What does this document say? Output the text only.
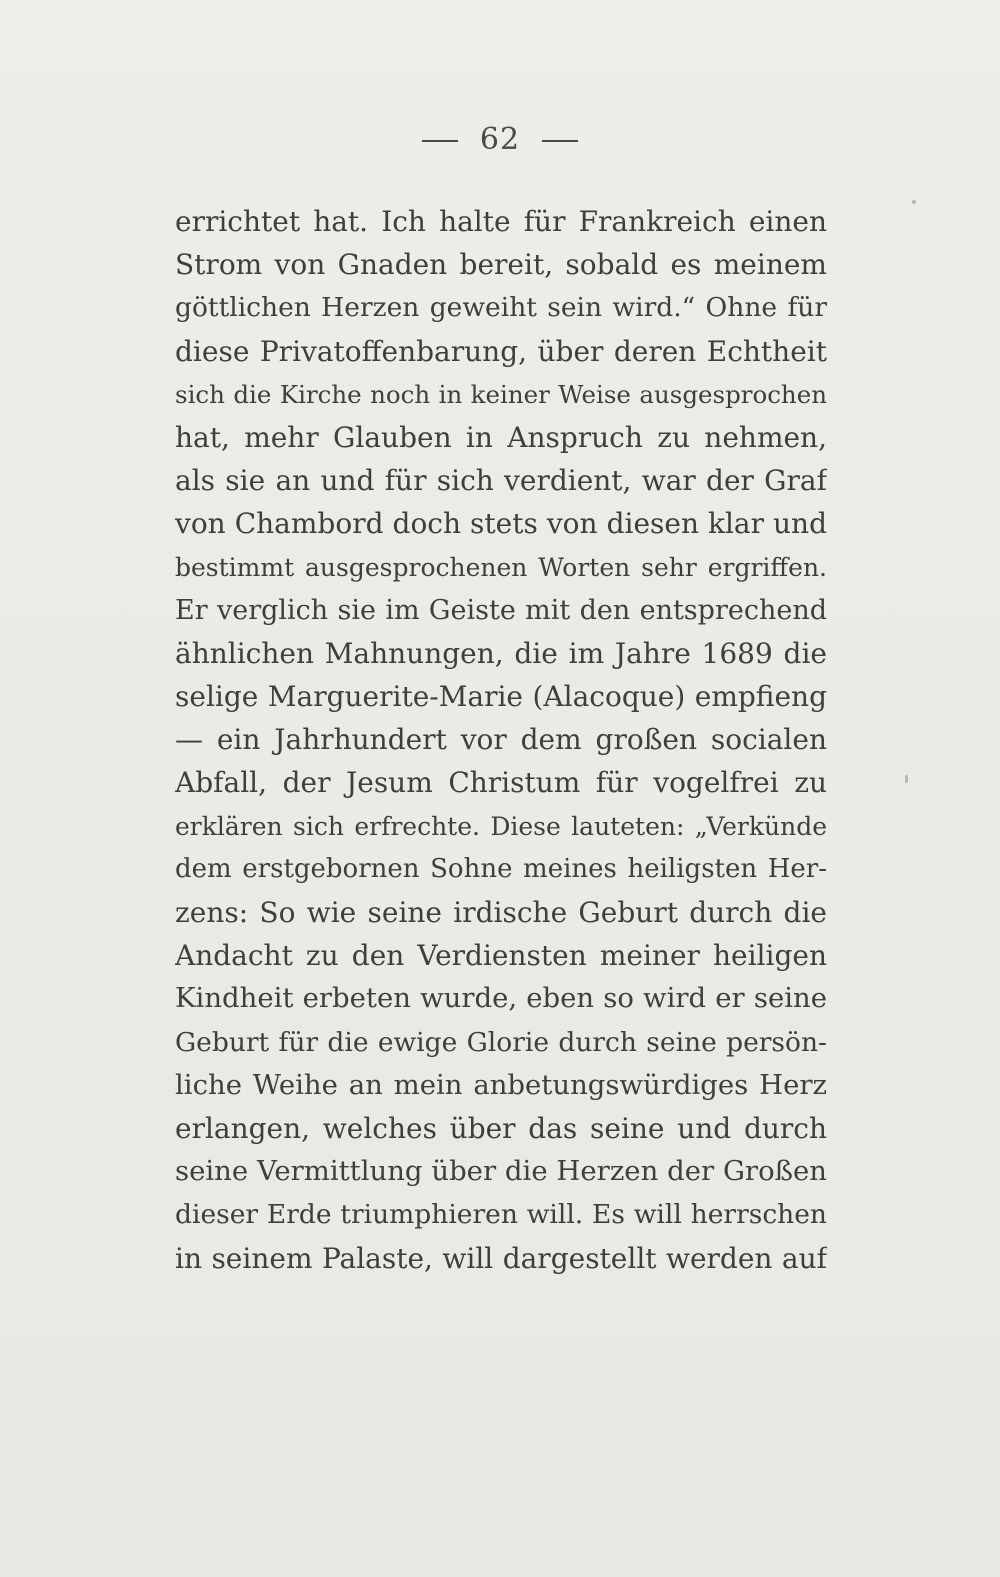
62
errichtet hat. Ich halte für Frankreich einen
Strom von Gnaden bereit, sobald es meinem
göttlichen Herzen geweiht sein wird.“ Ohne für
diese Privatoffenbarung, über deren Echtheit
sich die Kirche noch in keiner Weise ausgesprochen
hat, mehr Glauben in Anspruch zu nehmen,
als sie an und für sich verdient, war der Graf
von Chambord doch stets von diesen klar und
bestimmt ausgesprochenen Worten sehr ergriffen.
Er verglich sie im Geiste mit den entsprechend
ähnlichen Mahnungen, die im Jahre 1689 die
selige Marguerite-Marie (Alacoque) empfieng
— ein Jahrhundert vor dem großen socialen
Abfall, der Jesum Christum für vogelfrei zu
erklären sich erfrechte. Diese lauteten: „Verkünde
dem erstgebornen Sohne meines heiligsten Her-
zens: So wie seine irdische Geburt durch die
Andacht zu den Verdiensten meiner heiligen
Kindheit erbeten wurde, eben so wird er seine
Geburt für die ewige Glorie durch seine persön-
liche Weihe an mein anbetungswürdiges Herz
erlangen, welches über das seine und durch
seine Vermittlung über die Herzen der Großen
dieser Erde triumphieren will. Es will herrschen
in seinem Palaste, will dargestellt werden auf
